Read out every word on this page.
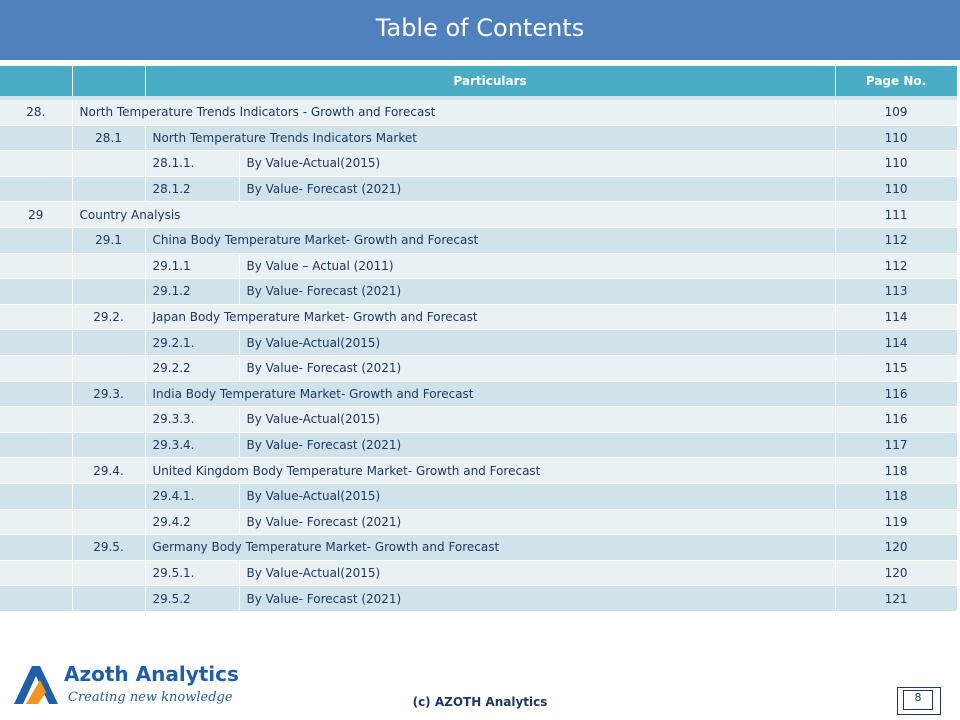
Table of Contents
		Particulars		Page No.

28.	North Temperature Trends Indicators - Growth and Forecast			109
	28.1	North Temperature Trends Indicators Market		110
		28.1.1.	By Value-Actual(2015)	110
		28.1.2	By Value- Forecast (2021)	110
29	Country Analysis			111
	29.1	China Body Temperature Market- Growth and Forecast		112
		29.1.1	By Value – Actual (2011)	112
		29.1.2	By Value- Forecast (2021)	113
	29.2.	Japan Body Temperature Market- Growth and Forecast		114
		29.2.1.	By Value-Actual(2015)	114
		29.2.2	By Value- Forecast (2021)	115
	29.3.	India Body Temperature Market- Growth and Forecast		116
		29.3.3.	By Value-Actual(2015)	116
		29.3.4.	By Value- Forecast (2021)	117
	29.4.	United Kingdom Body Temperature Market- Growth and Forecast		118
		29.4.1.	By Value-Actual(2015)	118
		29.4.2	By Value- Forecast (2021)	119
	29.5.	Germany Body Temperature Market- Growth and Forecast		120
		29.5.1.	By Value-Actual(2015)	120
		29.5.2	By Value- Forecast (2021)	121
Azoth Analytics
Creating new knowledge	(c) AZOTH Analytics	8
